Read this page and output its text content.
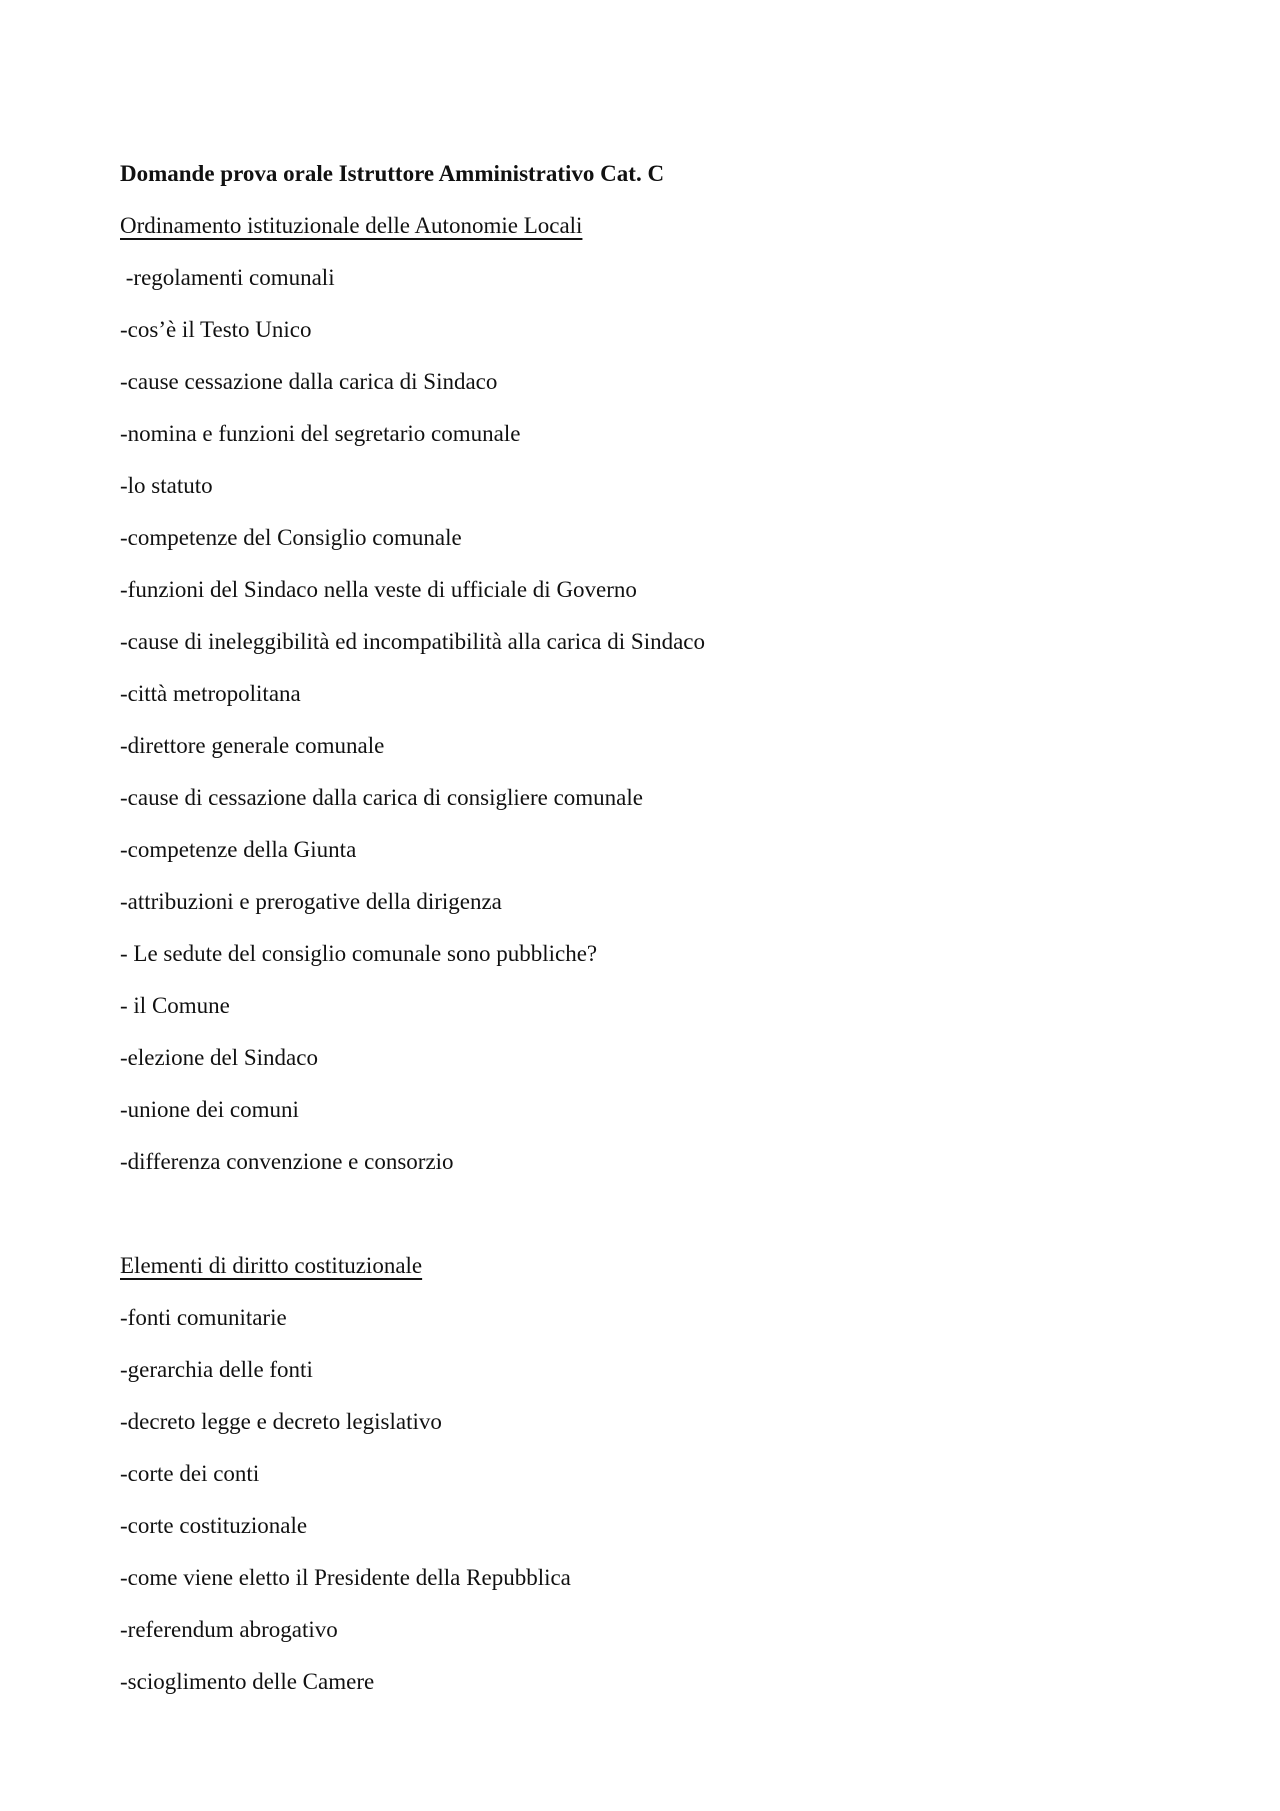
Domande prova orale Istruttore Amministrativo Cat. C
Ordinamento istituzionale delle Autonomie Locali
-regolamenti comunali
-cos’è il Testo Unico
-cause cessazione dalla carica di Sindaco
-nomina e funzioni del segretario comunale
-lo statuto
-competenze del Consiglio comunale
-funzioni del Sindaco nella veste di ufficiale di Governo
-cause di ineleggibilità ed incompatibilità alla carica di Sindaco
-città metropolitana
-direttore generale comunale
-cause di cessazione dalla carica di consigliere comunale
-competenze della Giunta
-attribuzioni e prerogative della dirigenza
- Le sedute del consiglio comunale sono pubbliche?
- il Comune
-elezione del Sindaco
-unione dei comuni
-differenza convenzione e consorzio
Elementi di diritto costituzionale
-fonti comunitarie
-gerarchia delle fonti
-decreto legge e decreto legislativo
-corte dei conti
-corte costituzionale
-come viene eletto il Presidente della Repubblica
-referendum abrogativo
-scioglimento delle Camere
